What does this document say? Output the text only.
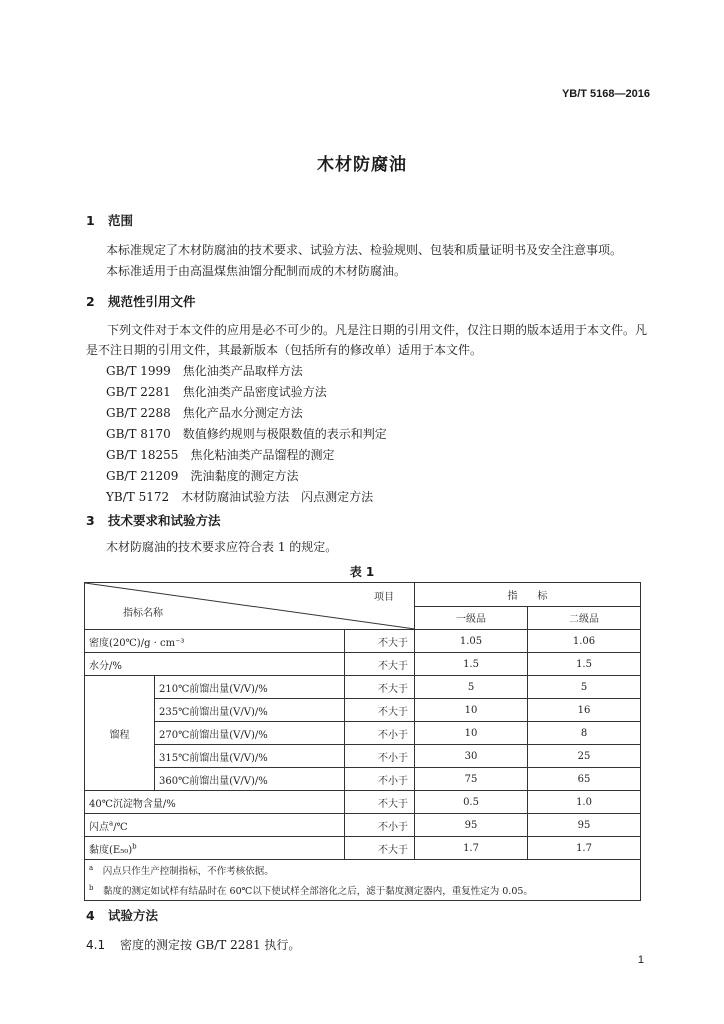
YB/T 5168—2016
木材防腐油
1 范围
本标准规定了木材防腐油的技术要求、试验方法、检验规则、包装和质量证明书及安全注意事项。
本标准适用于由高温煤焦油馏分配制而成的木材防腐油。
2 规范性引用文件
下列文件对于本文件的应用是必不可少的。凡是注日期的引用文件，仅注日期的版本适用于本文件。凡是不注日期的引用文件，其最新版本（包括所有的修改单）适用于本文件。
GB/T 1999　焦化油类产品取样方法
GB/T 2281　焦化油类产品密度试验方法
GB/T 2288　焦化产品水分测定方法
GB/T 8170　数值修约规则与极限数值的表示和判定
GB/T 18255　焦化粘油类产品馏程的测定
GB/T 21209　洗油黏度的测定方法
YB/T 5172　木材防腐油试验方法　闪点测定方法
3 技术要求和试验方法
木材防腐油的技术要求应符合表 1 的规定。
表 1
项目
指标名称			指　　标	
			一级品	二级品
密度(20℃)/g · cm⁻³		不大于	1.05	1.06
水分/%		不大于	1.5	1.5
馏程	210℃前馏出量(V/V)/%	不大于	5	5
	235℃前馏出量(V/V)/%	不大于	10	16
	270℃前馏出量(V/V)/%	不小于	10	8
	315℃前馏出量(V/V)/%	不小于	30	25
	360℃前馏出量(V/V)/%	不小于	75	65
40℃沉淀物含量/%		不大于	0.5	1.0
闪点$^a$/℃		不小于	95	95
黏度$(E_{50})^b$		不大于	1.7	1.7

$^a$　 闪点只作生产控制指标，不作考核依据。
$^b$　 黏度的测定如试样有结晶时在 60℃以下使试样全部溶化之后，滤于黏度测定器内，重复性定为 0.05。				
4 试验方法
4.1 密度的测定按 GB/T 2281 执行。
1
